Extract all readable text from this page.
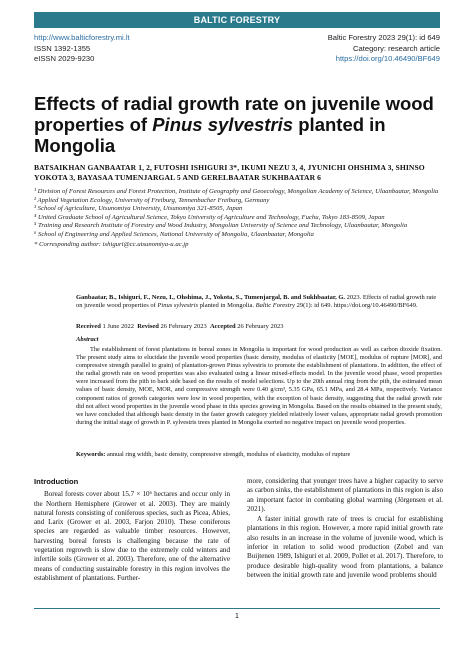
BALTIC FORESTRY
http://www.balticforestry.mi.lt
ISSN 1392-1355
eISSN 2029-9230
Baltic Forestry 2023 29(1): id 649
Category: research article
https://doi.org/10.46490/BF649
Effects of radial growth rate on juvenile wood properties of Pinus sylvestris planted in Mongolia
BATSAIKHAN GANBAATAR 1, 2, FUTOSHI ISHIGURI 3*, IKUMI NEZU 3, 4, JYUNICHI OHSHIMA 3, SHINSO YOKOTA 3, BAYASAA TUMENJARGAL 5 AND GERELBAATAR SUKHBAATAR 6
¹ Division of Forest Resources and Forest Protection, Institute of Geography and Geoecology, Mongolian Academy of Science, Ulaanbaatar, Mongolia
² Applied Vegetation Ecology, University of Freiburg, Tennenbacher Freiburg, Germany
³ School of Agriculture, Utsunomiya University, Utsunomiya 321-8505, Japan
⁴ United Graduate School of Agricultural Science, Tokyo University of Agriculture and Technology, Fuchu, Tokyo 183-8509, Japan
⁵ Training and Research Institute of Forestry and Wood Industry, Mongolian University of Science and Technology, Ulaanbaatar, Mongolia
⁶ School of Engineering and Applied Sciences, National University of Mongolia, Ulaanbaatar, Mongolia
* Corresponding author: ishiguri@cc.utsunomiya-u.ac.jp
Ganbaatar, B., Ishiguri, F., Nezu, I., Ohshima, J., Yokota, S., Tumenjargal, B. and Sukhbaatar, G. 2023. Effects of radial growth rate on juvenile wood properties of Pinus sylvestris planted in Mongolia. Baltic Forestry 29(1): id 649. https://doi.org/10.46490/BF649.
Received 1 June 2022 Revised 26 February 2023 Accepted 26 February 2023
Abstract
The establishment of forest plantations in boreal zones in Mongolia is important for wood production as well as carbon dioxide fixation. The present study aims to elucidate the juvenile wood properties (basic density, modulus of elasticity [MOE], modulus of rupture [MOR], and compressive strength parallel to grain) of plantation-grown Pinus sylvestris to promote the establishment of plantations. In addition, the effect of the radial growth rate on wood properties was also evaluated using a linear mixed-effects model. In the juvenile wood phase, wood properties were increased from the pith to bark side based on the results of model selections. Up to the 20th annual ring from the pith, the estimated mean values of basic density, MOE, MOR, and compressive strength were 0.40 g/cm³, 5.35 GPa, 65.1 MPa, and 28.4 MPa, respectively. Variance component ratios of growth categories were low in wood properties, with the exception of basic density, suggesting that the radial growth rate did not affect wood properties in the juvenile wood phase in this species growing in Mongolia. Based on the results obtained in the present study, we have concluded that although basic density in the faster growth category yielded relatively lower values, appropriate radial growth promotion during the initial stage of growth in P. sylvestris trees planted in Mongolia exerted no negative impact on juvenile wood properties.
Keywords: annual ring width, basic density, compressive strength, modulus of elasticity, modulus of rupture
Introduction

Boreal forests cover about 15.7 × 10⁶ hectares and occur only in the Northern Hemisphere (Grower et al. 2003). They are mainly natural forests consisting of coniferous species, such as Picea, Abies, and Larix (Grower et al. 2003, Farjon 2010). These coniferous species are regarded as valuable timber resources. However, harvesting boreal forests is challenging because the rate of vegetation regrowth is slow due to the extremely cold winters and infertile soils (Grower et al. 2003). Therefore, one of the alternative means of conducting sustainable forestry in this region involves the establishment of plantations. Further-

more, considering that younger trees have a higher capacity to serve as carbon sinks, the establishment of plantations in this region is also an important factor in combating global warming (Jörgensen et al. 2021).

A faster initial growth rate of trees is crucial for establishing plantations in this region. However, a more rapid initial growth rate also results in an increase in the volume of juvenile wood, which is inferior in relation to solid wood production (Zobel and van Buijtenen 1989, Ishiguri et al. 2009, Pollet et al. 2017). Therefore, to produce desirable high-quality wood from plantations, a balance between the initial growth rate and juvenile wood problems should

1
